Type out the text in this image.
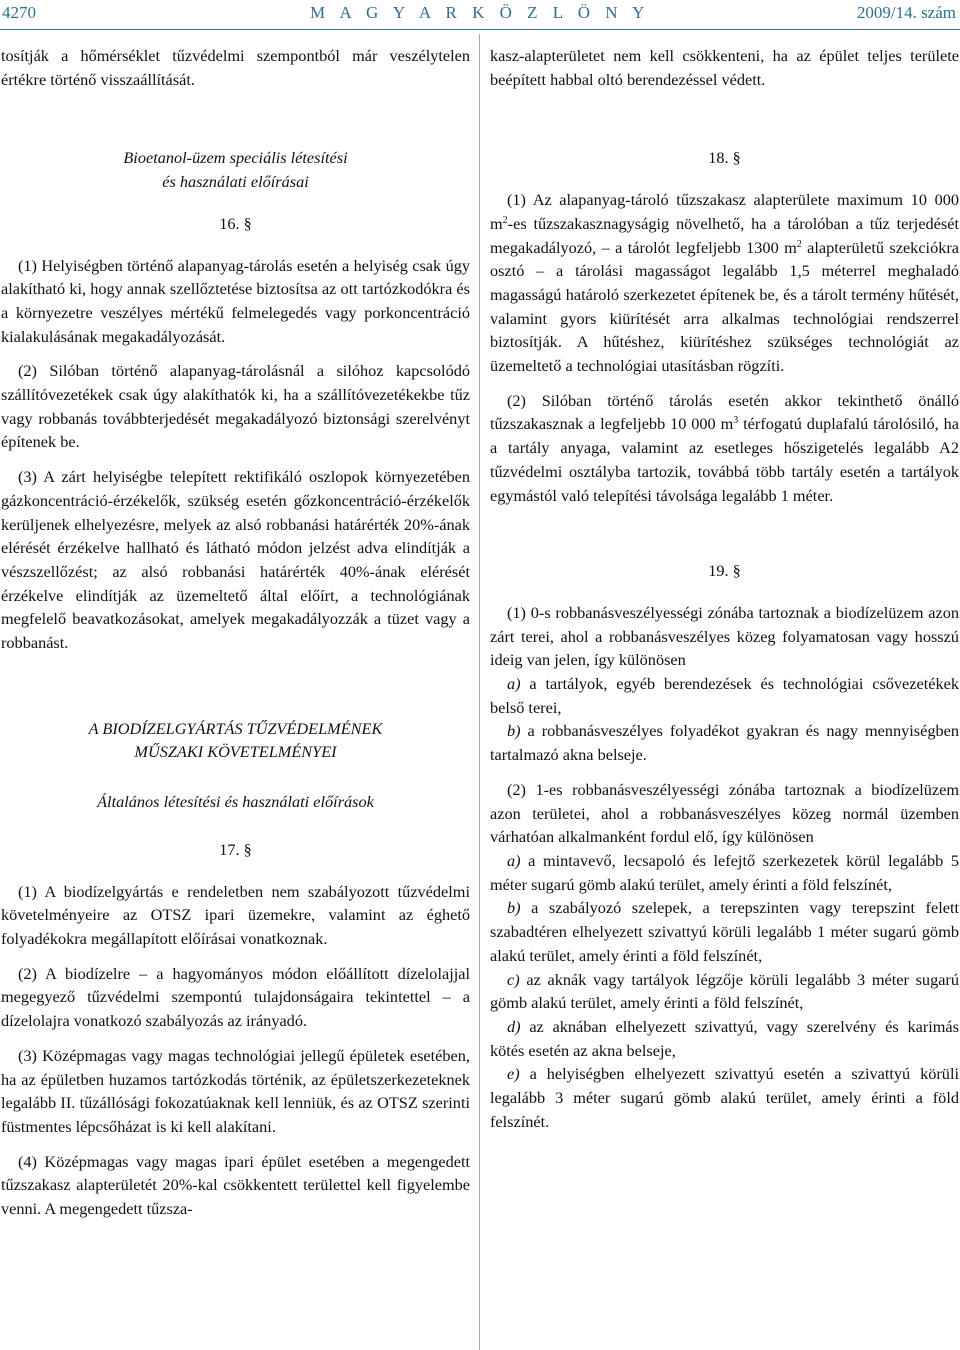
4270	M A G Y A R K Ö Z L Ö N Y	2009/14. szám

tosítják a hőmérséklet tűzvédelmi szempontból már veszélytelen értékre történő visszaállítását.

Bioetanol-üzem speciális létesítési
és használati előírásai

16. §

(1) Helyiségben történő alapanyag-tárolás esetén a helyiség csak úgy alakítható ki, hogy annak szellőztetése biztosítsa az ott tartózkodókra és a környezetre veszélyes mértékű felmelegedés vagy porkoncentráció kialakulásának megakadályozását.

(2) Silóban történő alapanyag-tárolásnál a silóhoz kapcsolódó szállítóvezetékek csak úgy alakíthatók ki, ha a szállítóvezetékekbe tűz vagy robbanás továbbterjedését megakadályozó biztonsági szerelvényt építenek be.

(3) A zárt helyiségbe telepített rektifikáló oszlopok környezetében gázkoncentráció-érzékelők, szükség esetén gőzkoncentráció-érzékelők kerüljenek elhelyezésre, melyek az alsó robbanási határérték 20%-ának elérését érzékelve hallható és látható módon jelzést adva elindítják a vészszellőzést; az alsó robbanási határérték 40%-ának elérését érzékelve elindítják az üzemeltető által előírt, a technológiának megfelelő beavatkozásokat, amelyek megakadályozzák a tüzet vagy a robbanást.

A BIODÍZELGYÁRTÁS TŰZVÉDELMÉNEK
MŰSZAKI KÖVETELMÉNYEI

Általános létesítési és használati előírások

17. §

(1) A biodízelgyártás e rendeletben nem szabályozott tűzvédelmi követelményeire az OTSZ ipari üzemekre, valamint az éghető folyadékokra megállapított előírásai vonatkoznak.

(2) A biodízelre – a hagyományos módon előállított dízelolajjal megegyező tűzvédelmi szempontú tulajdonságaira tekintettel – a dízelolajra vonatkozó szabályozás az irányadó.

(3) Középmagas vagy magas technológiai jellegű épületek esetében, ha az épületben huzamos tartózkodás történik, az épületszerkezeteknek legalább II. tűzállósági fokozatúaknak kell lenniük, és az OTSZ szerinti füstmentes lépcsőházat is ki kell alakítani.

(4) Középmagas vagy magas ipari épület esetében a megengedett tűzszakasz alapterületét 20%-kal csökkentett területtel kell figyelembe venni. A megengedett tűzsza-

kasz-alapterületet nem kell csökkenteni, ha az épület teljes területe beépített habbal oltó berendezéssel védett.

18. §

(1) Az alapanyag-tároló tűzszakasz alapterülete maximum 10 000 $m^2-es$ tűzszakasznagyságig növelhető, ha a tárolóban a tűz terjedését megakadályozó, – a tárolót legfeljebb 1300 $m^2$ alapterületű szekciókra osztó – a tárolási magasságot legalább 1,5 méterrel meghaladó magasságú határoló szerkezetet építenek be, és a tárolt termény hűtését, valamint gyors kiürítését arra alkalmas technológiai rendszerrel biztosítják. A hűtéshez, kiürítéshez szükséges technológiát az üzemeltető a technológiai utasításban rögzíti.

(2) Silóban történő tárolás esetén akkor tekinthető önálló tűzszakasznak a legfeljebb 10 000 $m^3$ térfogatú duplafalú tárolósiló, ha a tartály anyaga, valamint az esetleges hőszigetelés legalább A2 tűzvédelmi osztályba tartozik, továbbá több tartály esetén a tartályok egymástól való telepítési távolsága legalább 1 méter.

19. §

(1) 0-s robbanásveszélyességi zónába tartoznak a biodízelüzem azon zárt terei, ahol a robbanásveszélyes közeg folyamatosan vagy hosszú ideig van jelen, így különösen

a) a tartályok, egyéb berendezések és technológiai csővezetékek belső terei,

b) a robbanásveszélyes folyadékot gyakran és nagy mennyiségben tartalmazó akna belseje.

(2) 1-es robbanásveszélyességi zónába tartoznak a biodízelüzem azon területei, ahol a robbanásveszélyes közeg normál üzemben várhatóan alkalmanként fordul elő, így különösen

a) a mintavevő, lecsapoló és lefejtő szerkezetek körül legalább 5 méter sugarú gömb alakú terület, amely érinti a föld felszínét,

b) a szabályozó szelepek, a terepszinten vagy terepszint felett szabadtéren elhelyezett szivattyú körüli legalább 1 méter sugarú gömb alakú terület, amely érinti a föld felszínét,

c) az aknák vagy tartályok légzője körüli legalább 3 méter sugarú gömb alakú terület, amely érinti a föld felszínét,

d) az aknában elhelyezett szivattyú, vagy szerelvény és karimás kötés esetén az akna belseje,

e) a helyiségben elhelyezett szivattyú esetén a szivattyú körüli legalább 3 méter sugarú gömb alakú terület, amely érinti a föld felszínét.
